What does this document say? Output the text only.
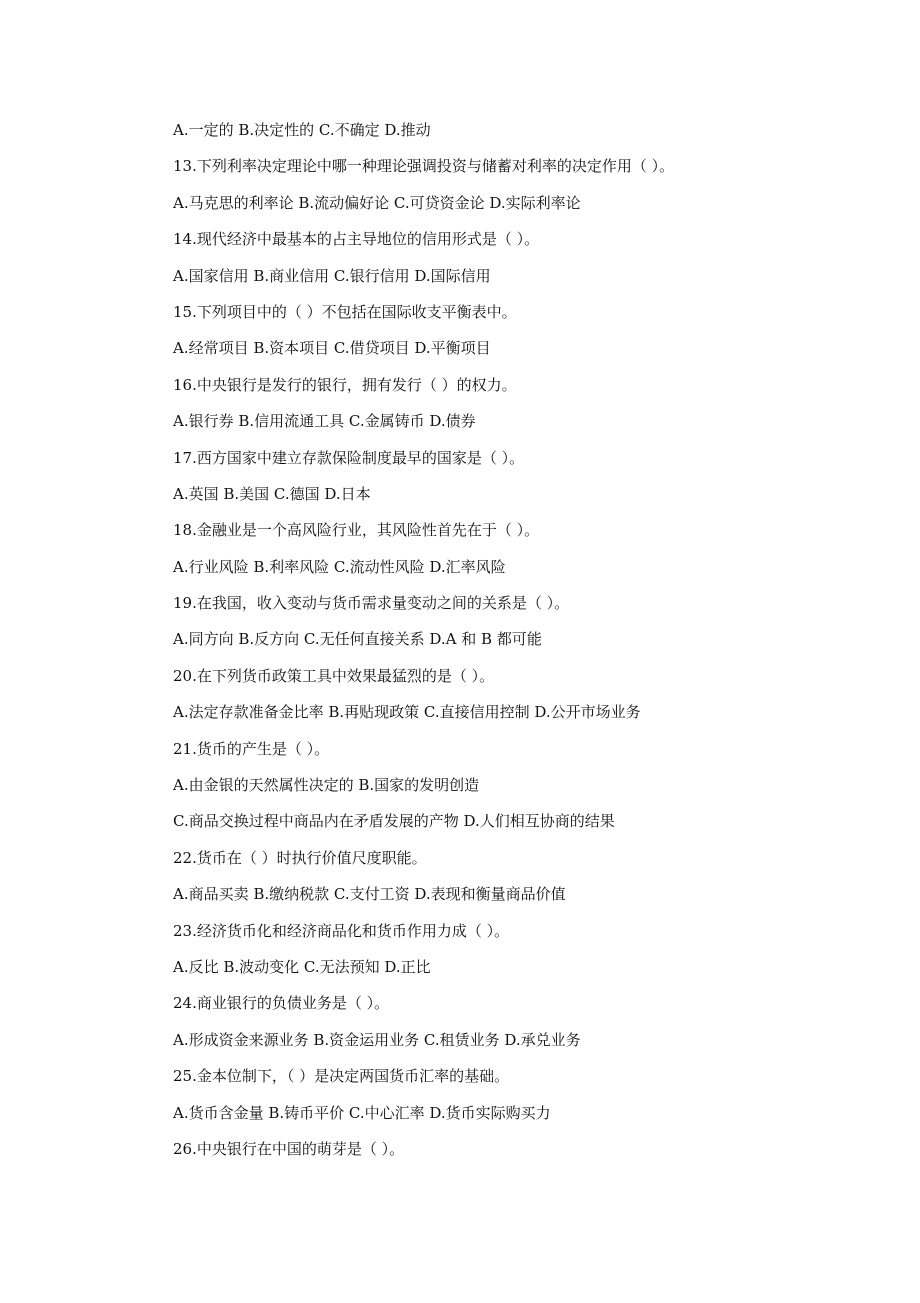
A.一定的 B.决定性的 C.不确定 D.推动
13.下列利率决定理论中哪一种理论强调投资与储蓄对利率的决定作用（ ）。
A.马克思的利率论 B.流动偏好论 C.可贷资金论 D.实际利率论
14.现代经济中最基本的占主导地位的信用形式是（ ）。
A.国家信用 B.商业信用 C.银行信用 D.国际信用
15.下列项目中的（ ）不包括在国际收支平衡表中。
A.经常项目 B.资本项目 C.借贷项目 D.平衡项目
16.中央银行是发行的银行，拥有发行（ ）的权力。
A.银行券 B.信用流通工具 C.金属铸币 D.债券
17.西方国家中建立存款保险制度最早的国家是（ ）。
A.英国 B.美国 C.德国 D.日本
18.金融业是一个高风险行业，其风险性首先在于（ ）。
A.行业风险 B.利率风险 C.流动性风险 D.汇率风险
19.在我国，收入变动与货币需求量变动之间的关系是（ ）。
A.同方向 B.反方向 C.无任何直接关系 D.A 和 B 都可能
20.在下列货币政策工具中效果最猛烈的是（ ）。
A.法定存款准备金比率 B.再贴现政策 C.直接信用控制 D.公开市场业务
21.货币的产生是（ ）。
A.由金银的天然属性决定的 B.国家的发明创造
C.商品交换过程中商品内在矛盾发展的产物 D.人们相互协商的结果
22.货币在（ ）时执行价值尺度职能。
A.商品买卖 B.缴纳税款 C.支付工资 D.表现和衡量商品价值
23.经济货币化和经济商品化和货币作用力成（ ）。
A.反比 B.波动变化 C.无法预知 D.正比
24.商业银行的负债业务是（ ）。
A.形成资金来源业务 B.资金运用业务 C.租赁业务 D.承兑业务
25.金本位制下，（ ）是决定两国货币汇率的基础。
A.货币含金量 B.铸币平价 C.中心汇率 D.货币实际购买力
26.中央银行在中国的萌芽是（ ）。
